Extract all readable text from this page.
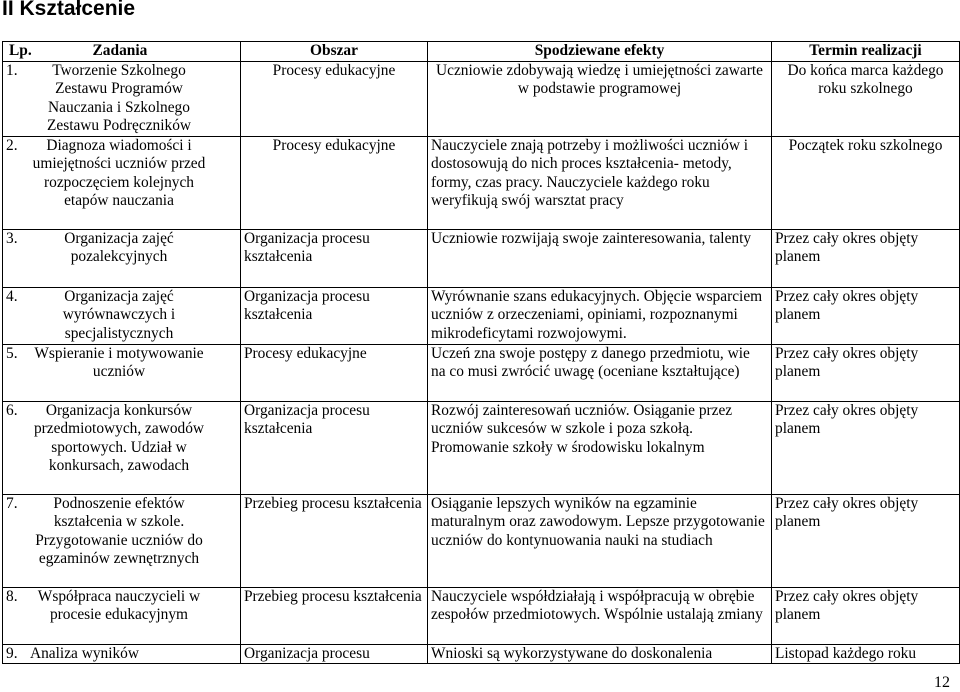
II Kształcenie
Lp. Zadania	Obszar	Spodziewane efekty	Termin realizacji
1. Tworzenie Szkolnego Zestawu Programów Nauczania i Szkolnego Zestawu Podręczników	Procesy edukacyjne	Uczniowie zdobywają wiedzę i umiejętności zawarte w podstawie programowej	Do końca marca każdego roku szkolnego
2. Diagnoza wiadomości i umiejętności uczniów przed rozpoczęciem kolejnych etapów nauczania	Procesy edukacyjne	Nauczyciele znają potrzeby i możliwości uczniów i dostosowują do nich proces kształcenia- metody, formy, czas pracy. Nauczyciele każdego roku weryfikują swój warsztat pracy	Początek roku szkolnego
3. Organizacja zajęć pozalekcyjnych	Organizacja procesu kształcenia	Uczniowie rozwijają swoje zainteresowania, talenty	Przez cały okres objęty planem
4. Organizacja zajęć wyrównawczych i specjalistycznych	Organizacja procesu kształcenia	Wyrównanie szans edukacyjnych. Objęcie wsparciem uczniów z orzeczeniami, opiniami, rozpoznanymi mikrodeficytami rozwojowymi.	Przez cały okres objęty planem
5. Wspieranie i motywowanie uczniów	Procesy edukacyjne	Uczeń zna swoje postępy z danego przedmiotu, wie na co musi zwrócić uwagę (oceniane kształtujące)	Przez cały okres objęty planem
6. Organizacja konkursów przedmiotowych, zawodów sportowych. Udział w konkursach, zawodach	Organizacja procesu kształcenia	Rozwój zainteresowań uczniów. Osiąganie przez uczniów sukcesów w szkole i poza szkołą. Promowanie szkoły w środowisku lokalnym	Przez cały okres objęty planem
7. Podnoszenie efektów kształcenia w szkole. Przygotowanie uczniów do egzaminów zewnętrznych	Przebieg procesu kształcenia	Osiąganie lepszych wyników na egzaminie maturalnym oraz zawodowym. Lepsze przygotowanie uczniów do kontynuowania nauki na studiach	Przez cały okres objęty planem
8. Współpraca nauczycieli w procesie edukacyjnym	Przebieg procesu kształcenia	Nauczyciele współdziałają i współpracują w obrębie zespołów przedmiotowych. Wspólnie ustalają zmiany	Przez cały okres objęty planem
9. Analiza wyników	Organizacja procesu	Wnioski są wykorzystywane do doskonalenia	Listopad każdego roku
12
